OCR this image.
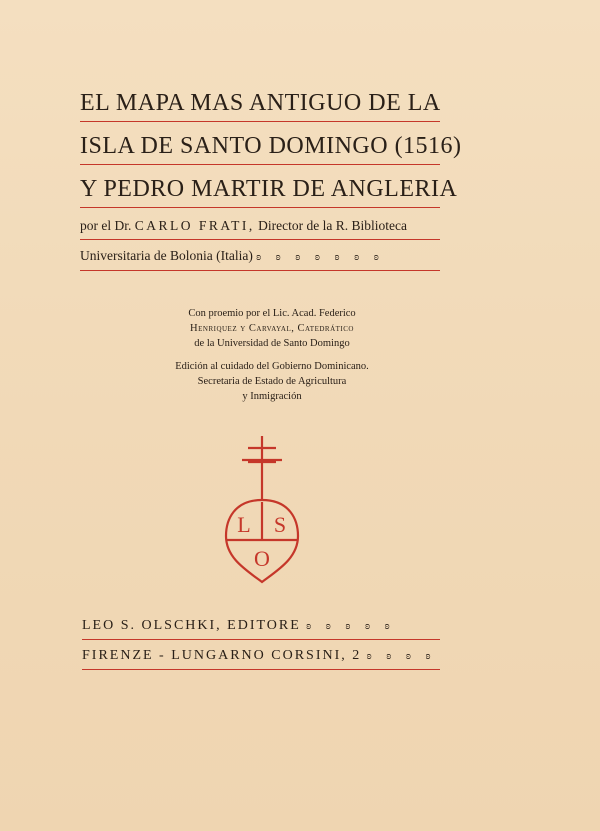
EL MAPA MAS ANTIGUO DE LA
ISLA DE SANTO DOMINGO (1516)
Y PEDRO MARTIR DE ANGLERIA
por el Dr. CARLO FRATI, Director de la R. Biblioteca
Universitaria de Bolonia (Italia) ʚ ʚ ʚ ʚ ʚ ʚ ʚ

Con proemio por el Lic. Acad. Federico
Henriquez y Carvayal, Catedrático
de la Universidad de Santo Domingo

Edición al cuidado del Gobierno Dominicano.
Secretaria de Estado de Agricultura
y Inmigración

L S
O
LEO S. OLSCHKI, EDITORE ʚ ʚ ʚ ʚ ʚ
FIRENZE - LUNGARNO CORSINI, 2 ʚ ʚ ʚ ʚ
